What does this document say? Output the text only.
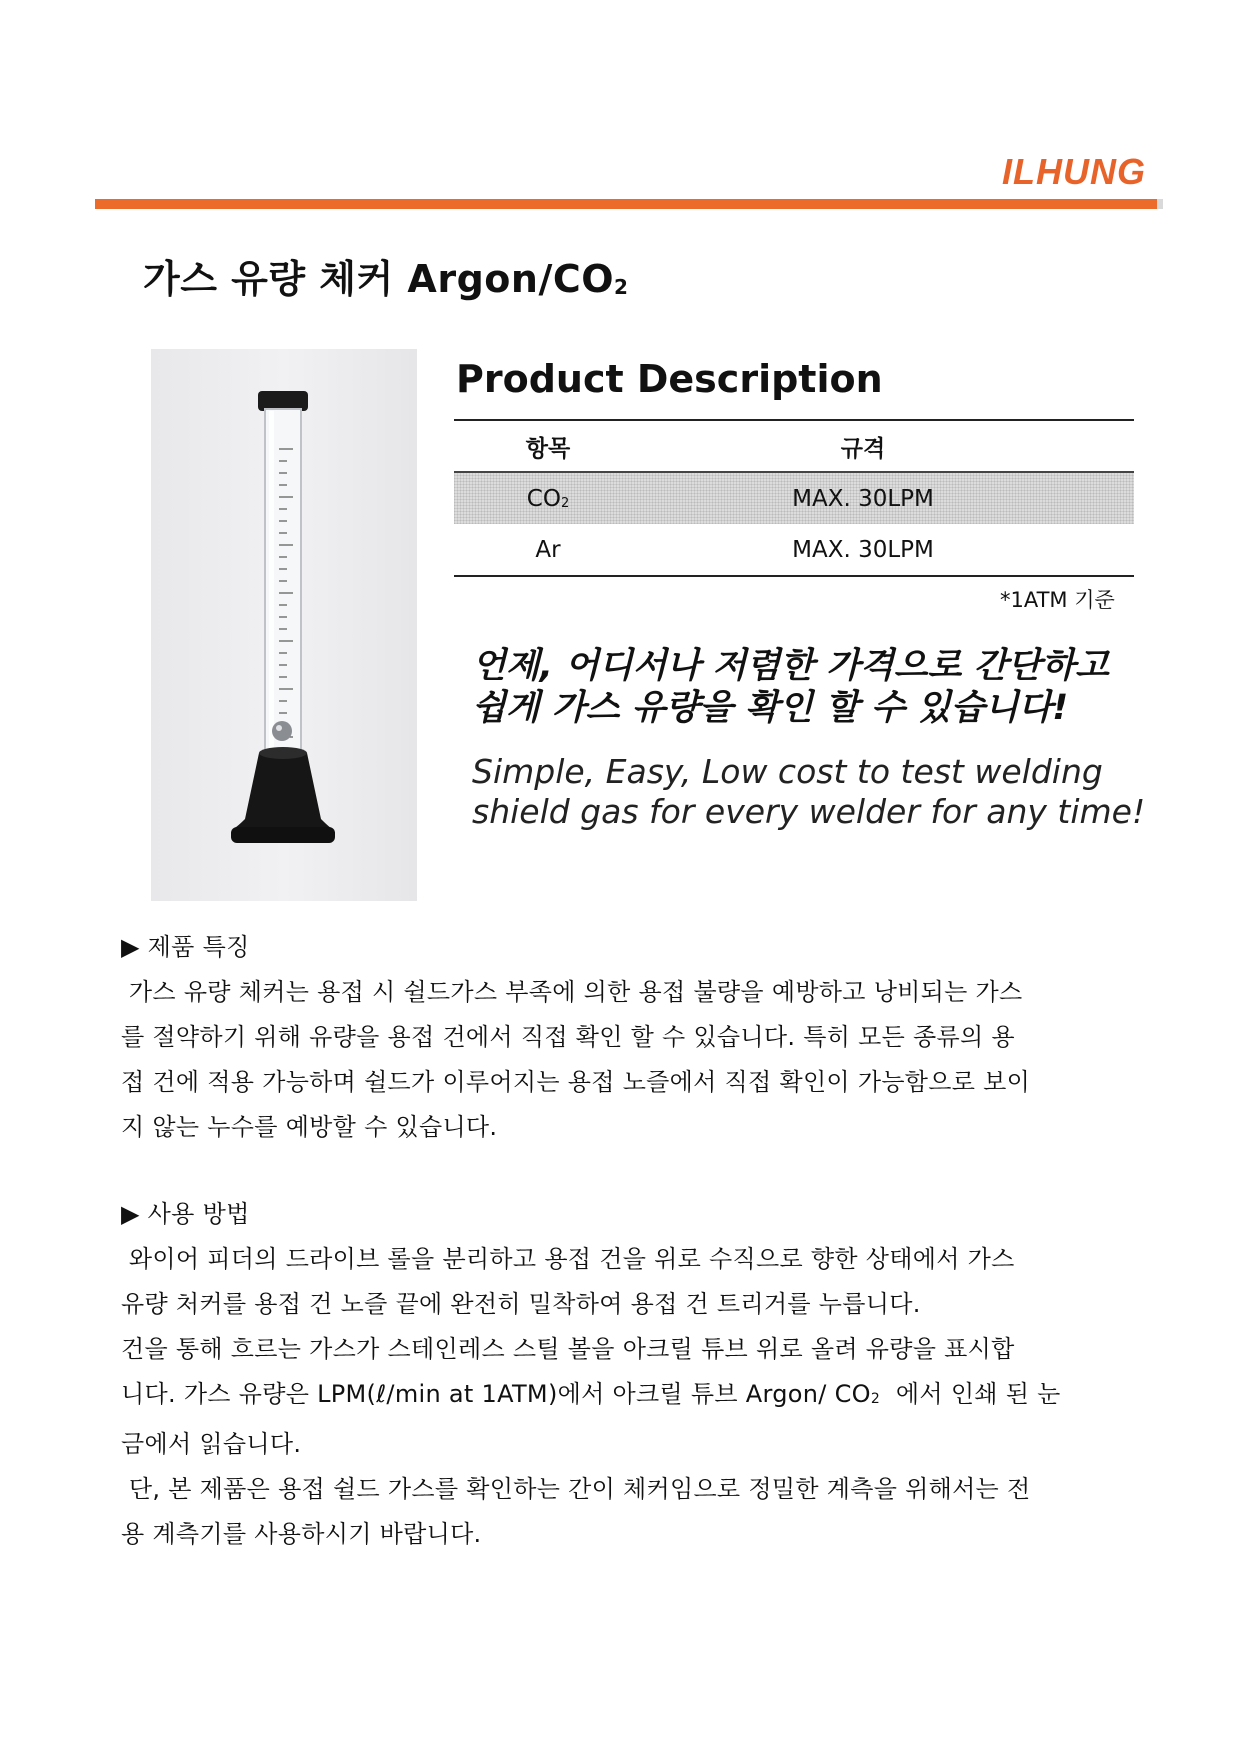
ILHUNG
가스 유량 체커 Argon/$CO_2$
Product Description
항목	규격
$CO_2$	MAX. 30LPM
Ar	MAX. 30LPM
*1ATM 기준
언제, 어디서나 저렴한 가격으로 간단하고
쉽게 가스 유량을 확인 할 수 있습니다!
Simple, Easy, Low cost to test welding
shield gas for every welder for any time!

▶ 제품 특징

가스 유량 체커는 용접 시 쉴드가스 부족에 의한 용접 불량을 예방하고 낭비되는 가스

를 절약하기 위해 유량을 용접 건에서 직접 확인 할 수 있습니다. 특히 모든 종류의 용

접 건에 적용 가능하며 쉴드가 이루어지는 용접 노즐에서 직접 확인이 가능함으로 보이

지 않는 누수를 예방할 수 있습니다.

▶ 사용 방법

와이어 피더의 드라이브 롤을 분리하고 용접 건을 위로 수직으로 향한 상태에서 가스

유량 처커를 용접 건 노즐 끝에 완전히 밀착하여 용접 건 트리거를 누릅니다.

건을 통해 흐르는 가스가 스테인레스 스틸 볼을 아크릴 튜브 위로 올려 유량을 표시합

니다. 가스 유량은 LPM(ℓ/min at 1ATM)에서 아크릴 튜브 Argon/ $CO_2$  에서 인쇄 된 눈

금에서 읽습니다.

단, 본 제품은 용접 쉴드 가스를 확인하는 간이 체커임으로 정밀한 계측을 위해서는 전

용 계측기를 사용하시기 바랍니다.
